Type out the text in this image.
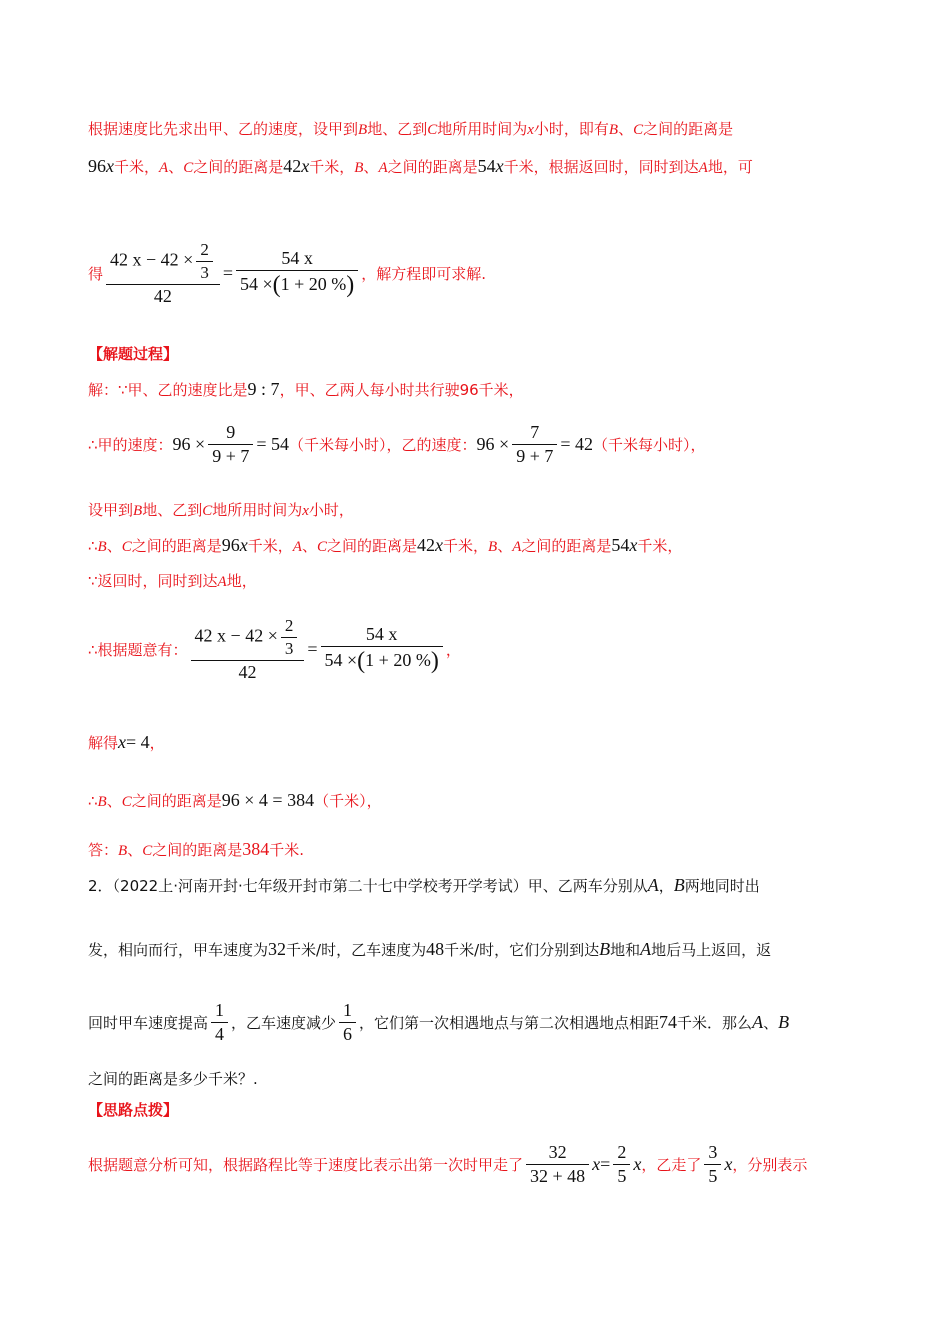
根据速度比先求出甲、乙的速度，设甲到B地、乙到C地所用时间为x小时，即有B、C之间的距离是
96x千米，A、C之间的距离是42x千米，B、A之间的距离是54x千米，根据返回时，同时到达A地，可
得 $\frac{42 x - 42 \times \frac{2}{3}}{42} = \frac{54 x}{54 \times(1 + 20 \%)}$ ，解方程即可求解.
【解题过程】
解：∵甲、乙的速度比是9 : 7，甲、乙两人每小时共行驶96千米，
∴甲的速度：$96 \times \frac{9}{9 + 7} = 54$（千米每小时），乙的速度：$96 \times \frac{7}{9 + 7} = 42$（千米每小时），
设甲到B地、乙到C地所用时间为x小时，
∴B、C之间的距离是96x千米，A、C之间的距离是42x千米，B、A之间的距离是54x千米，
∵返回时，同时到达A地，
∴根据题意有： $\frac{42 x - 42 \times \frac{2}{3}}{42} = \frac{54 x}{54 \times(1 + 20 \%)}$ ，
解得x= 4，
∴B、C之间的距离是96 × 4 = 384（千米），
答：B、C之间的距离是384千米.
2．（2022上·河南开封·七年级开封市第二十七中学校考开学考试）甲、乙两车分别从A，B两地同时出
发，相向而行，甲车速度为32千米/时，乙车速度为48千米/时，它们分别到达B地和A地后马上返回，返
回时甲车速度提高 $\frac{1}{4}$ ，乙车速度减少 $\frac{1}{6}$ ，它们第一次相遇地点与第二次相遇地点相距74千米．那么A、B
之间的距离是多少千米？.
【思路点拨】
根据题意分析可知，根据路程比等于速度比表示出第一次时甲走了 $\frac{32}{32 + 48} x= \frac{2}{5}$ x，乙走了 $\frac{3}{5}$ x，分别表示
